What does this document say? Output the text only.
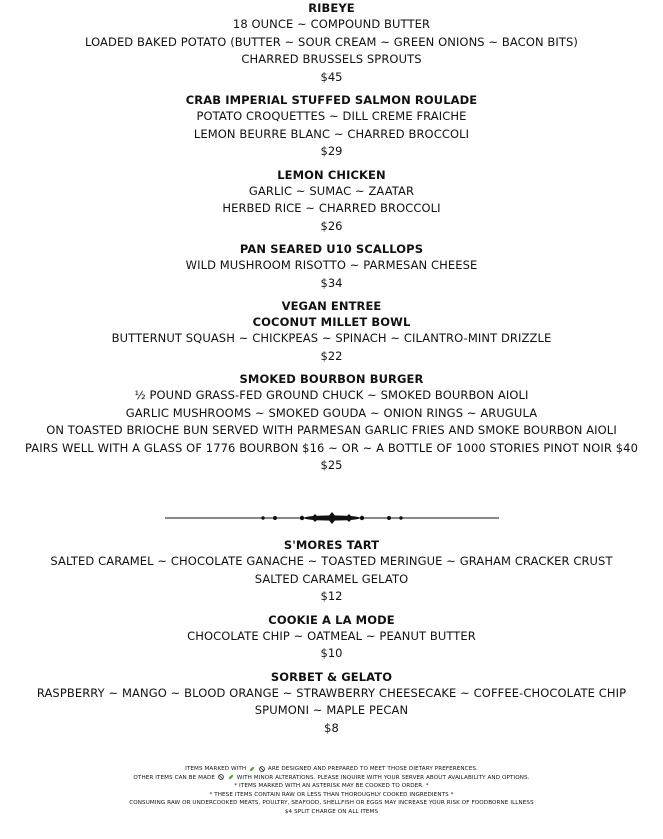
RIBEYE
18 OUNCE ~ COMPOUND BUTTER
LOADED BAKED POTATO (BUTTER ~ SOUR CREAM ~ GREEN ONIONS ~ BACON BITS)
CHARRED BRUSSELS SPROUTS
$45
CRAB IMPERIAL STUFFED SALMON ROULADE
POTATO CROQUETTES ~ DILL CREME FRAICHE
LEMON BEURRE BLANC ~ CHARRED BROCCOLI
$29
LEMON CHICKEN
GARLIC ~ SUMAC ~ ZAATAR
HERBED RICE ~ CHARRED BROCCOLI
$26
PAN SEARED U10 SCALLOPS
WILD MUSHROOM RISOTTO ~ PARMESAN CHEESE
$34
VEGAN ENTREE
COCONUT MILLET BOWL
BUTTERNUT SQUASH ~ CHICKPEAS ~ SPINACH ~ CILANTRO-MINT DRIZZLE
$22
SMOKED BOURBON BURGER
½ POUND GRASS-FED GROUND CHUCK ~ SMOKED BOURBON AIOLI
GARLIC MUSHROOMS ~ SMOKED GOUDA ~ ONION RINGS ~ ARUGULA
ON TOASTED BRIOCHE BUN SERVED WITH PARMESAN GARLIC FRIES AND SMOKE BOURBON AIOLI
PAIRS WELL WITH A GLASS OF 1776 BOURBON $16 ~ OR ~ A BOTTLE OF 1000 STORIES PINOT NOIR $40
$25
S'MORES TART
SALTED CARAMEL ~ CHOCOLATE GANACHE ~ TOASTED MERINGUE ~ GRAHAM CRACKER CRUST
SALTED CARAMEL GELATO
$12
COOKIE A LA MODE
CHOCOLATE CHIP ~ OATMEAL ~ PEANUT BUTTER
$10
SORBET & GELATO
RASPBERRY ~ MANGO ~ BLOOD ORANGE ~ STRAWBERRY CHEESECAKE ~ COFFEE-CHOCOLATE CHIP
SPUMONI ~ MAPLE PECAN
$8
ITEMS MARKED WITH	ARE DESIGNED AND PREPARED TO MEET THOSE DIETARY PREFERENCES.
OTHER ITEMS CAN BE MADE	WITH MINOR ALTERATIONS. PLEASE INQUIRE WITH YOUR SERVER ABOUT AVAILABILITY AND OPTIONS.
* ITEMS MARKED WITH AN ASTERISK MAY BE COOKED TO ORDER. *
* THESE ITEMS CONTAIN RAW OR LESS THAN THOROUGHLY COOKED INGREDIENTS *
CONSUMING RAW OR UNDERCOOKED MEATS, POULTRY, SEAFOOD, SHELLFISH OR EGGS MAY INCREASE YOUR RISK OF FOODBORNE ILLNESS
$4 SPLIT CHARGE ON ALL ITEMS
